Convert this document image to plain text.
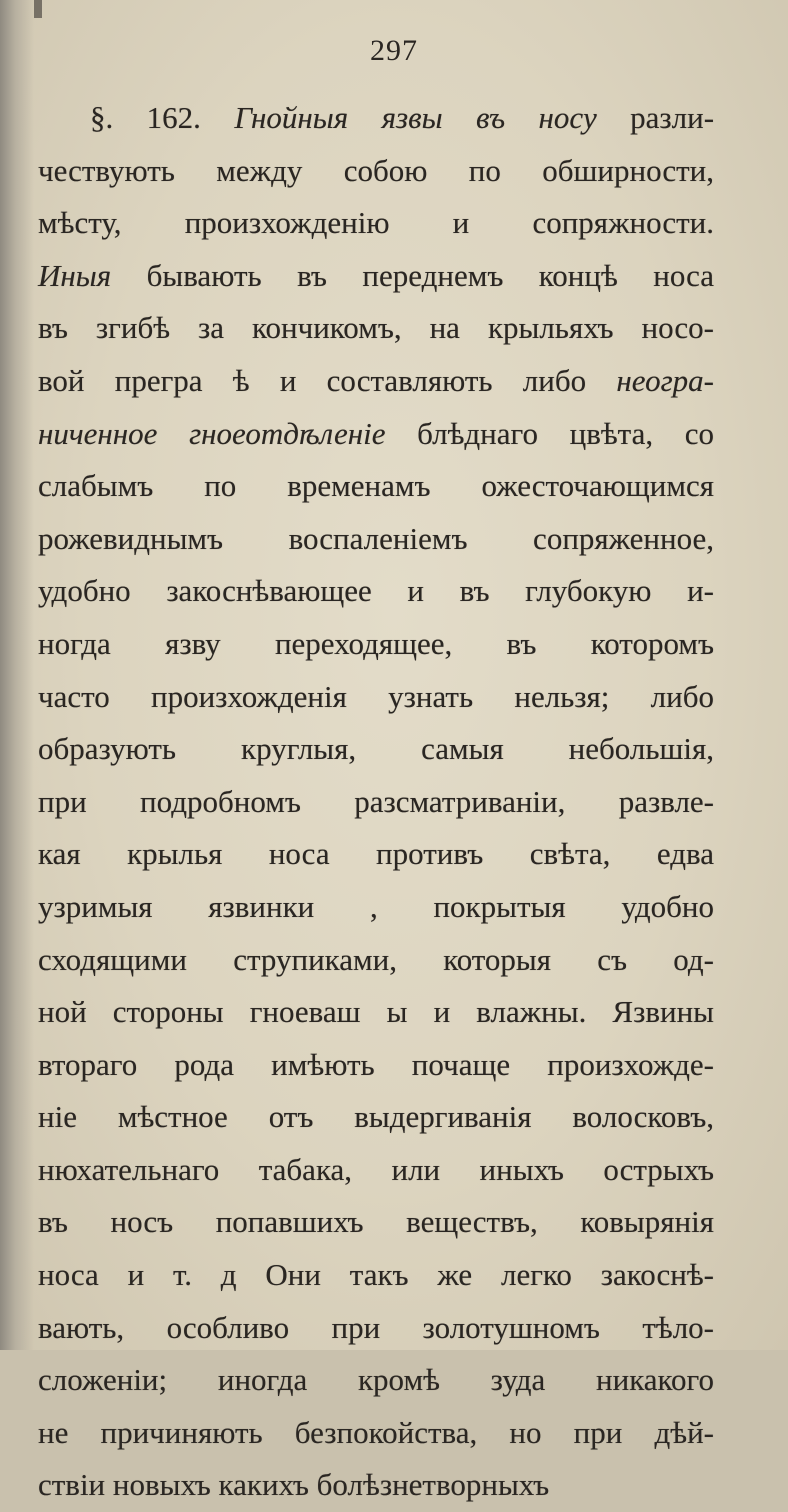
297
§. 162. Гнойныя язвы въ носу разли-
чествують между собою по обширности,
мѣсту, произхожденію и сопряжности.
Иныя бывають въ переднемъ концѣ носа
въ згибѣ за кончикомъ, на крыльяхъ носо-
вой прегра ѣ и составляють либо неогра-
ниченное гноеотдѣленіе блѣднаго цвѣта, со
слабымъ по временамъ ожесточающимся
рожевиднымъ воспаленіемъ сопряженное,
удобно закоснѣвающее и въ глубокую и-
ногда язву переходящее, въ которомъ
часто произхожденія узнать нельзя; либо
образують круглыя, самыя небольшія,
при подробномъ разсматриваніи, развле-
кая крылья носа противъ свѣта, едва
узримыя язвинки , покрытыя удобно
сходящими струпиками, которыя съ од-
ной стороны гноеваш ы и влажны. Язвины
втораго рода имѣють почаще произхожде-
ніе мѣстное отъ выдергиванія волосковъ,
нюхательнаго табака, или иныхъ острыхъ
въ носъ попавшихъ веществъ, ковырянія
носа и т. д Они такъ же легко закоснѣ-
вають, особливо при золотушномъ тѣло-
сложеніи; иногда кромѣ зуда никакого
не причиняють безпокойства, но при дѣй-
ствіи новыхъ какихъ болѣзнетворныхъ
